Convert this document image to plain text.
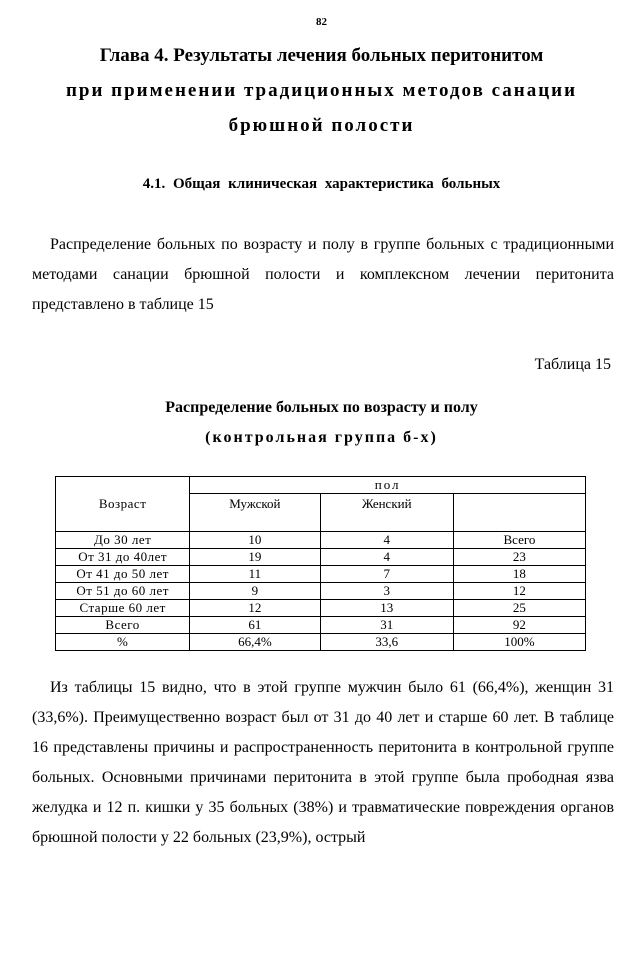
82
Глава 4. Результаты лечения больных перитонитом
при применении традиционных методов санации
брюшной полости
4.1. Общая клиническая характеристика больных
Распределение больных по возрасту и полу в группе больных с традиционными методами санации брюшной полости и комплексном лечении перитонита представлено в таблице 15
Таблица 15
Распределение больных по возрасту и полу
(контрольная группа б-х)
Возраст	пол		
	Мужской	Женский	
До 30 лет	10	4	Всего
От 31 до 40лет	19	4	23
От 41 до 50 лет	11	7	18
От 51 до 60 лет	9	3	12
Старше 60 лет	12	13	25
Всего	61	31	92
%	66,4%	33,6	100%
Из таблицы 15 видно, что в этой группе мужчин было 61 (66,4%), женщин 31 (33,6%). Преимущественно возраст был от 31 до 40 лет и старше 60 лет. В таблице 16 представлены причины и распространенность перитонита в контрольной группе больных. Основными причинами перитонита в этой группе была прободная язва желудка и 12 п. кишки у 35 больных (38%) и травматические повреждения органов брюшной полости у 22 больных (23,9%), острый
